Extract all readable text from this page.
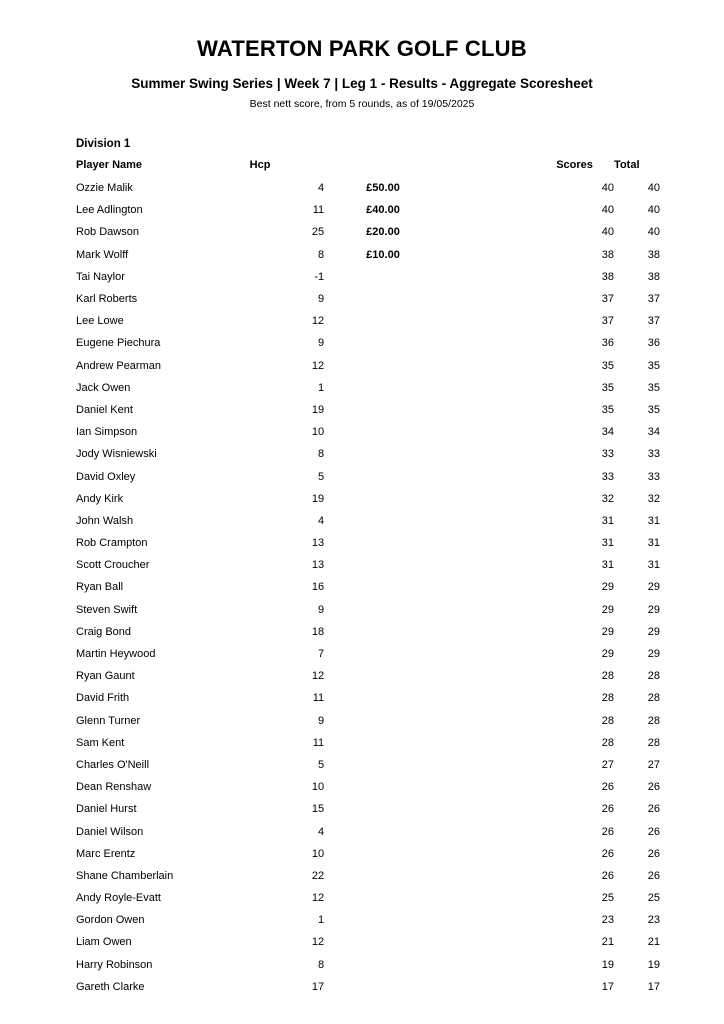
WATERTON PARK GOLF CLUB
Summer Swing Series | Week 7 | Leg 1 - Results - Aggregate Scoresheet
Best nett score, from 5 rounds, as of 19/05/2025
Division 1
Player Name	Hcp			Scores	Total
Ozzie Malik	4	£50.00		40	40
Lee Adlington	11	£40.00		40	40
Rob Dawson	25	£20.00		40	40
Mark Wolff	8	£10.00		38	38
Tai Naylor	-1			38	38
Karl Roberts	9			37	37
Lee Lowe	12			37	37
Eugene Piechura	9			36	36
Andrew Pearman	12			35	35
Jack Owen	1			35	35
Daniel Kent	19			35	35
Ian Simpson	10			34	34
Jody Wisniewski	8			33	33
David Oxley	5			33	33
Andy Kirk	19			32	32
John Walsh	4			31	31
Rob Crampton	13			31	31
Scott Croucher	13			31	31
Ryan Ball	16			29	29
Steven Swift	9			29	29
Craig Bond	18			29	29
Martin Heywood	7			29	29
Ryan Gaunt	12			28	28
David Frith	11			28	28
Glenn Turner	9			28	28
Sam Kent	11			28	28
Charles O'Neill	5			27	27
Dean Renshaw	10			26	26
Daniel Hurst	15			26	26
Daniel Wilson	4			26	26
Marc Erentz	10			26	26
Shane Chamberlain	22			26	26
Andy Royle-Evatt	12			25	25
Gordon Owen	1			23	23
Liam Owen	12			21	21
Harry Robinson	8			19	19
Gareth Clarke	17			17	17
